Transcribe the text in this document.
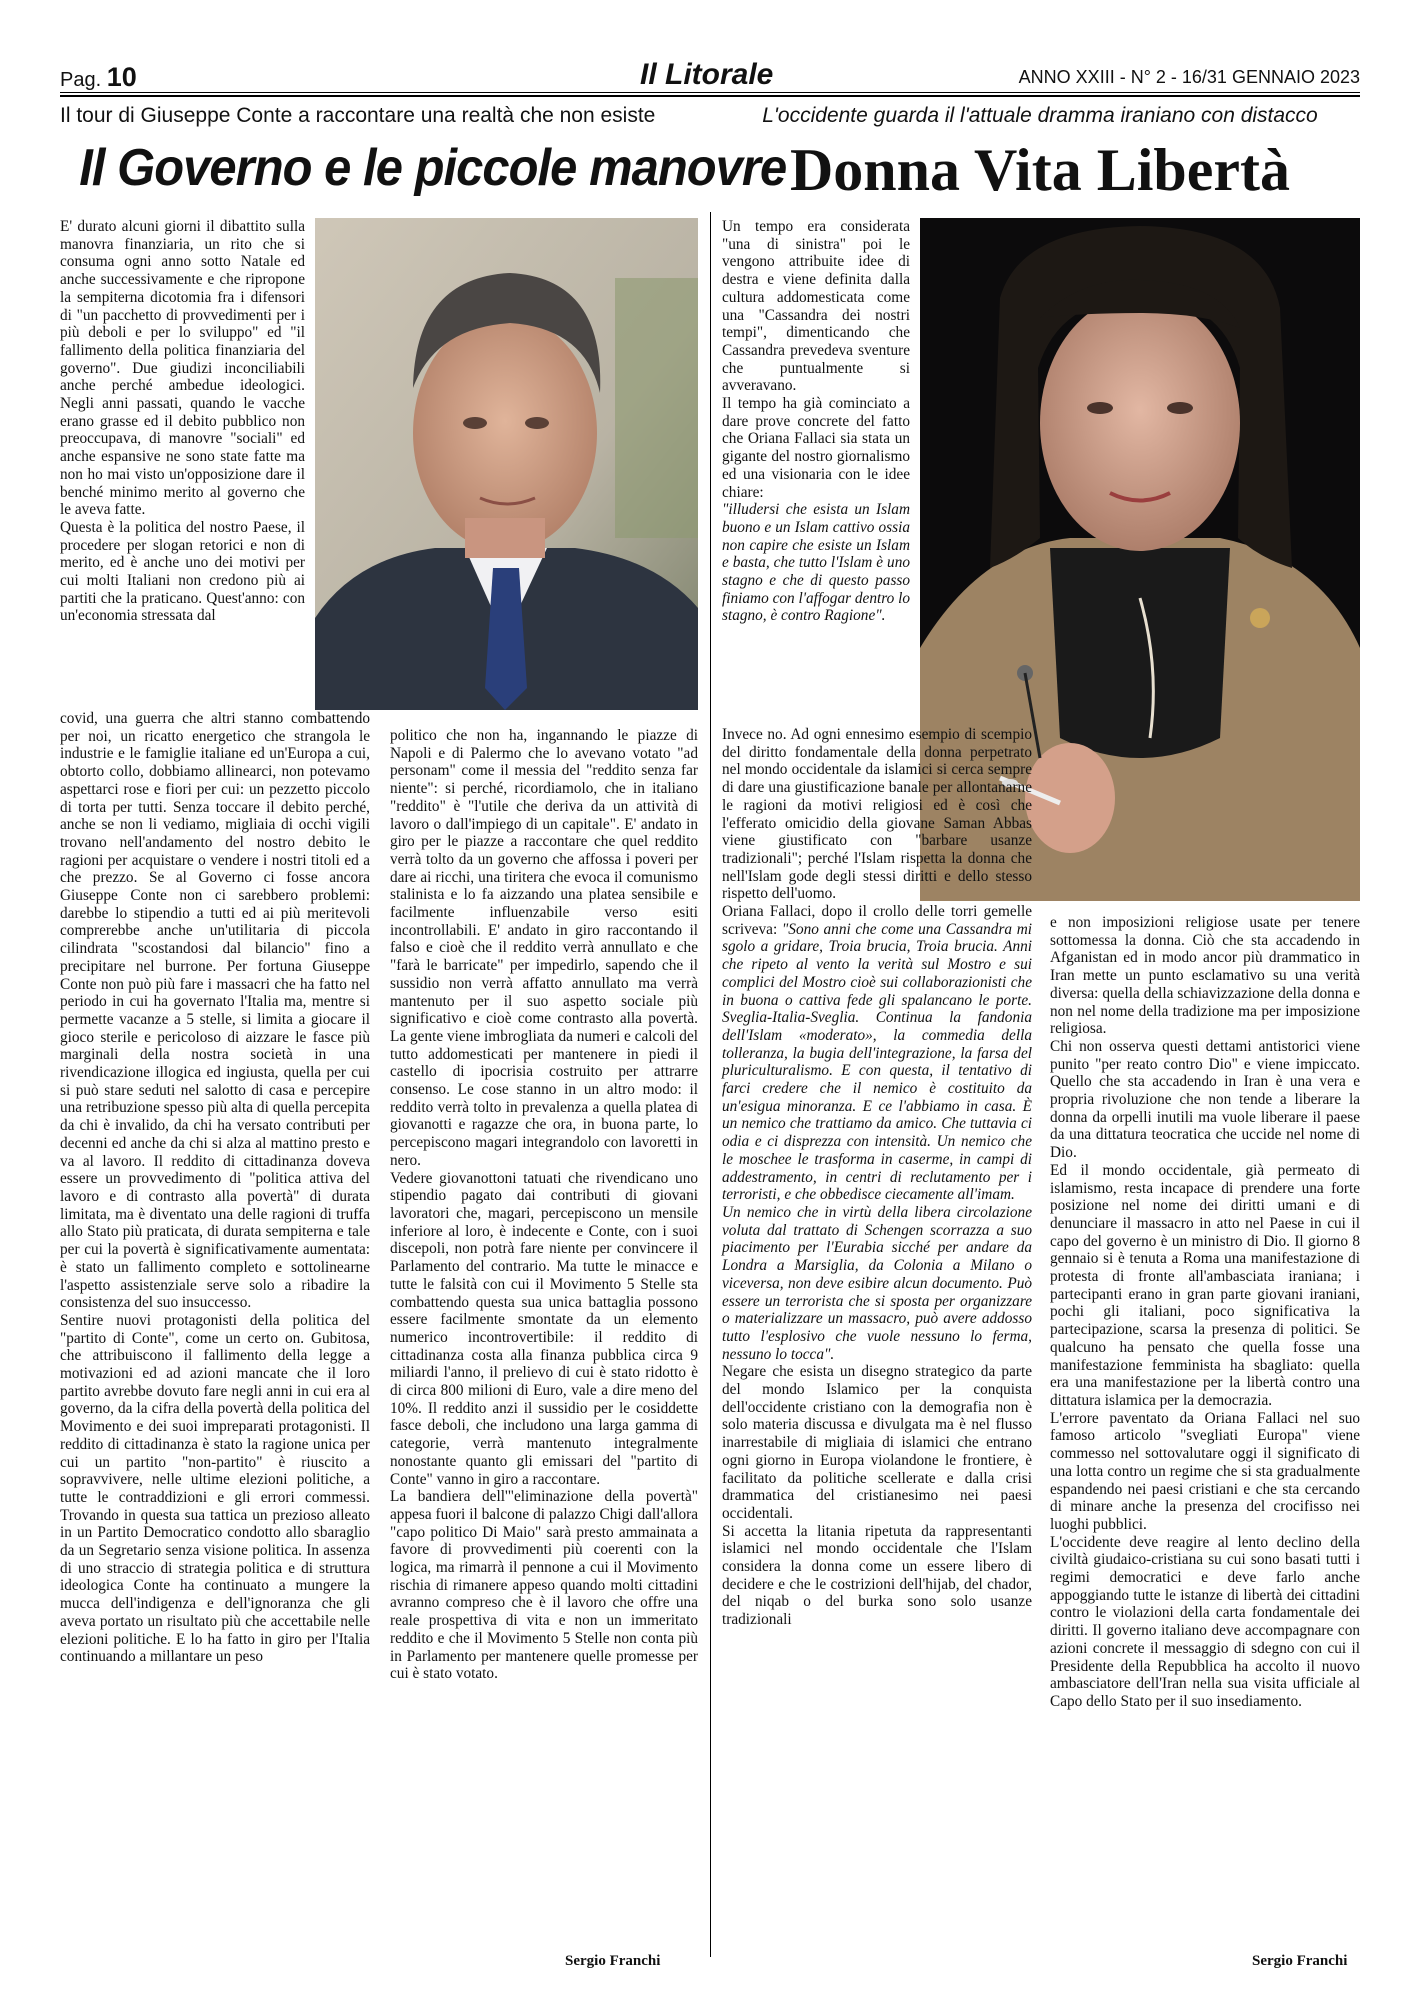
Pag. 10	Il Litorale	ANNO XXIII - N° 2 - 16/31 GENNAIO 2023
Il tour di Giuseppe Conte a raccontare una realtà che non esiste	L'occidente guarda il l'attuale dramma iraniano con distacco
Il Governo e le piccole manovre Donna Vita Libertà

E' durato alcuni giorni il dibattito sulla manovra finanziaria, un rito che si consuma ogni anno sotto Natale ed anche successivamente e che ripropone la sempiterna dicotomia fra i difensori di "un pacchetto di provvedimenti per i più deboli e per lo sviluppo" ed "il fallimento della politica finanziaria del governo". Due giudizi inconciliabili anche perché ambedue ideologici. Negli anni passati, quando le vacche erano grasse ed il debito pubblico non preoccupava, di manovre "sociali" ed anche espansive ne sono state fatte ma non ho mai visto un'opposizione dare il benché minimo merito al governo che le aveva fatte.

Questa è la politica del nostro Paese, il procedere per slogan retorici e non di merito, ed è anche uno dei motivi per cui molti Italiani non credono più ai partiti che la praticano. Quest'anno: con un'economia stressata dal

covid, una guerra che altri stanno combattendo per noi, un ricatto energetico che strangola le industrie e le famiglie italiane ed un'Europa a cui, obtorto collo, dobbiamo allinearci, non potevamo aspettarci rose e fiori per cui: un pezzetto piccolo di torta per tutti. Senza toccare il debito perché, anche se non li vediamo, migliaia di occhi vigili trovano nell'andamento del nostro debito le ragioni per acquistare o vendere i nostri titoli ed a che prezzo. Se al Governo ci fosse ancora Giuseppe Conte non ci sarebbero problemi: darebbe lo stipendio a tutti ed ai più meritevoli comprerebbe anche un'utilitaria di piccola cilindrata "scostandosi dal bilancio" fino a precipitare nel burrone. Per fortuna Giuseppe Conte non può più fare i massacri che ha fatto nel periodo in cui ha governato l'Italia ma, mentre si permette vacanze a 5 stelle, si limita a giocare il gioco sterile e pericoloso di aizzare le fasce più marginali della nostra società in una rivendicazione illogica ed ingiusta, quella per cui si può stare seduti nel salotto di casa e percepire una retribuzione spesso più alta di quella percepita da chi è invalido, da chi ha versato contributi per decenni ed anche da chi si alza al mattino presto e va al lavoro. Il reddito di cittadinanza doveva essere un provvedimento di "politica attiva del lavoro e di contrasto alla povertà" di durata limitata, ma è diventato una delle ragioni di truffa allo Stato più praticata, di durata sempiterna e tale per cui la povertà è significativamente aumentata: è stato un fallimento completo e sottolinearne l'aspetto assistenziale serve solo a ribadire la consistenza del suo insuccesso.

Sentire nuovi protagonisti della politica del "partito di Conte", come un certo on. Gubitosa, che attribuiscono il fallimento della legge a motivazioni ed ad azioni mancate che il loro partito avrebbe dovuto fare negli anni in cui era al governo, da la cifra della povertà della politica del Movimento e dei suoi impreparati protagonisti. Il reddito di cittadinanza è stato la ragione unica per cui un partito "non-partito" è riuscito a sopravvivere, nelle ultime elezioni politiche, a tutte le contraddizioni e gli errori commessi. Trovando in questa sua tattica un prezioso alleato in un Partito Democratico condotto allo sbaraglio da un Segretario senza visione politica. In assenza di uno straccio di strategia politica e di struttura ideologica Conte ha continuato a mungere la mucca dell'indigenza e dell'ignoranza che gli aveva portato un risultato più che accettabile nelle elezioni politiche. E lo ha fatto in giro per l'Italia continuando a millantare un peso

politico che non ha, ingannando le piazze di Napoli e di Palermo che lo avevano votato "ad personam" come il messia del "reddito senza far niente": si perché, ricordiamolo, che in italiano "reddito" è "l'utile che deriva da un attività di lavoro o dall'impiego di un capitale". E' andato in giro per le piazze a raccontare che quel reddito verrà tolto da un governo che affossa i poveri per dare ai ricchi, una tiritera che evoca il comunismo stalinista e lo fa aizzando una platea sensibile e facilmente influenzabile verso esiti incontrollabili. E' andato in giro raccontando il falso e cioè che il reddito verrà annullato e che "farà le barricate" per impedirlo, sapendo che il sussidio non verrà affatto annullato ma verrà mantenuto per il suo aspetto sociale più significativo e cioè come contrasto alla povertà. La gente viene imbrogliata da numeri e calcoli del tutto addomesticati per mantenere in piedi il castello di ipocrisia costruito per attrarre consenso. Le cose stanno in un altro modo: il reddito verrà tolto in prevalenza a quella platea di giovanotti e ragazze che ora, in buona parte, lo percepiscono magari integrandolo con lavoretti in nero.

Vedere giovanottoni tatuati che rivendicano uno stipendio pagato dai contributi di giovani lavoratori che, magari, percepiscono un mensile inferiore al loro, è indecente e Conte, con i suoi discepoli, non potrà fare niente per convincere il Parlamento del contrario. Ma tutte le minacce e tutte le falsità con cui il Movimento 5 Stelle sta combattendo questa sua unica battaglia possono essere facilmente smontate da un elemento numerico incontrovertibile: il reddito di cittadinanza costa alla finanza pubblica circa 9 miliardi l'anno, il prelievo di cui è stato ridotto è di circa 800 milioni di Euro, vale a dire meno del 10%. Il reddito anzi il sussidio per le cosiddette fasce deboli, che includono una larga gamma di categorie, verrà mantenuto integralmente nonostante quanto gli emissari del "partito di Conte" vanno in giro a raccontare.

La bandiera dell'"eliminazione della povertà" appesa fuori il balcone di palazzo Chigi dall'allora "capo politico Di Maio" sarà presto ammainata a favore di provvedimenti più coerenti con la logica, ma rimarrà il pennone a cui il Movimento rischia di rimanere appeso quando molti cittadini avranno compreso che è il lavoro che offre una reale prospettiva di vita e non un immeritato reddito e che il Movimento 5 Stelle non conta più in Parlamento per mantenere quelle promesse per cui è stato votato.

Sergio Franchi

Un tempo era considerata "una di sinistra" poi le vengono attribuite idee di destra e viene definita dalla cultura addomesticata come una "Cassandra dei nostri tempi", dimenticando che Cassandra prevedeva sventure che puntualmente si avveravano.

Il tempo ha già cominciato a dare prove concrete del fatto che Oriana Fallaci sia stata un gigante del nostro giornalismo ed una visionaria con le idee chiare:

"illudersi che esista un Islam buono e un Islam cattivo ossia non capire che esiste un Islam e basta, che tutto l'Islam è uno stagno e che di questo passo finiamo con l'affogar dentro lo stagno, è contro Ragione".

Invece no. Ad ogni ennesimo esempio di scempio del diritto fondamentale della donna perpetrato nel mondo occidentale da islamici si cerca sempre di dare una giustificazione banale per allontanarne le ragioni da motivi religiosi ed è così che l'efferato omicidio della giovane Saman Abbas viene giustificato con "barbare usanze tradizionali"; perché l'Islam rispetta la donna che nell'Islam gode degli stessi diritti e dello stesso rispetto dell'uomo.

Oriana Fallaci, dopo il crollo delle torri gemelle scriveva: "Sono anni che come una Cassandra mi sgolo a gridare, Troia brucia, Troia brucia. Anni che ripeto al vento la verità sul Mostro e sui complici del Mostro cioè sui collaborazionisti che in buona o cattiva fede gli spalancano le porte. Sveglia-Italia-Sveglia. Continua la fandonia dell'Islam «moderato», la commedia della tolleranza, la bugia dell'integrazione, la farsa del pluriculturalismo. E con questa, il tentativo di farci credere che il nemico è costituito da un'esigua minoranza. E ce l'abbiamo in casa. È un nemico che trattiamo da amico. Che tuttavia ci odia e ci disprezza con intensità. Un nemico che le moschee le trasforma in caserme, in campi di addestramento, in centri di reclutamento per i terroristi, e che obbedisce ciecamente all'imam.

Un nemico che in virtù della libera circolazione voluta dal trattato di Schengen scorrazza a suo piacimento per l'Eurabia sicché per andare da Londra a Marsiglia, da Colonia a Milano o viceversa, non deve esibire alcun documento. Può essere un terrorista che si sposta per organizzare o materializzare un massacro, può avere addosso tutto l'esplosivo che vuole nessuno lo ferma, nessuno lo tocca".

Negare che esista un disegno strategico da parte del mondo Islamico per la conquista dell'occidente cristiano con la demografia non è solo materia discussa e divulgata ma è nel flusso inarrestabile di migliaia di islamici che entrano ogni giorno in Europa violandone le frontiere, è facilitato da politiche scellerate e dalla crisi drammatica del cristianesimo nei paesi occidentali.

Si accetta la litania ripetuta da rappresentanti islamici nel mondo occidentale che l'Islam considera la donna come un essere libero di decidere e che le costrizioni dell'hijab, del chador, del niqab o del burka sono solo usanze tradizionali

e non imposizioni religiose usate per tenere sottomessa la donna. Ciò che sta accadendo in Afganistan ed in modo ancor più drammatico in Iran mette un punto esclamativo su una verità diversa: quella della schiavizzazione della donna e non nel nome della tradizione ma per imposizione religiosa.

Chi non osserva questi dettami antistorici viene punito "per reato contro Dio" e viene impiccato. Quello che sta accadendo in Iran è una vera e propria rivoluzione che non tende a liberare la donna da orpelli inutili ma vuole liberare il paese da una dittatura teocratica che uccide nel nome di Dio.

Ed il mondo occidentale, già permeato di islamismo, resta incapace di prendere una forte posizione nel nome dei diritti umani e di denunciare il massacro in atto nel Paese in cui il capo del governo è un ministro di Dio. Il giorno 8 gennaio si è tenuta a Roma una manifestazione di protesta di fronte all'ambasciata iraniana; i partecipanti erano in gran parte giovani iraniani, pochi gli italiani, poco significativa la partecipazione, scarsa la presenza di politici. Se qualcuno ha pensato che quella fosse una manifestazione femminista ha sbagliato: quella era una manifestazione per la libertà contro una dittatura islamica per la democrazia.

L'errore paventato da Oriana Fallaci nel suo famoso articolo "svegliati Europa" viene commesso nel sottovalutare oggi il significato di una lotta contro un regime che si sta gradualmente espandendo nei paesi cristiani e che sta cercando di minare anche la presenza del crocifisso nei luoghi pubblici.

L'occidente deve reagire al lento declino della civiltà giudaico-cristiana su cui sono basati tutti i regimi democratici e deve farlo anche appoggiando tutte le istanze di libertà dei cittadini contro le violazioni della carta fondamentale dei diritti. Il governo italiano deve accompagnare con azioni concrete il messaggio di sdegno con cui il Presidente della Repubblica ha accolto il nuovo ambasciatore dell'Iran nella sua visita ufficiale al Capo dello Stato per il suo insediamento.

Sergio Franchi
